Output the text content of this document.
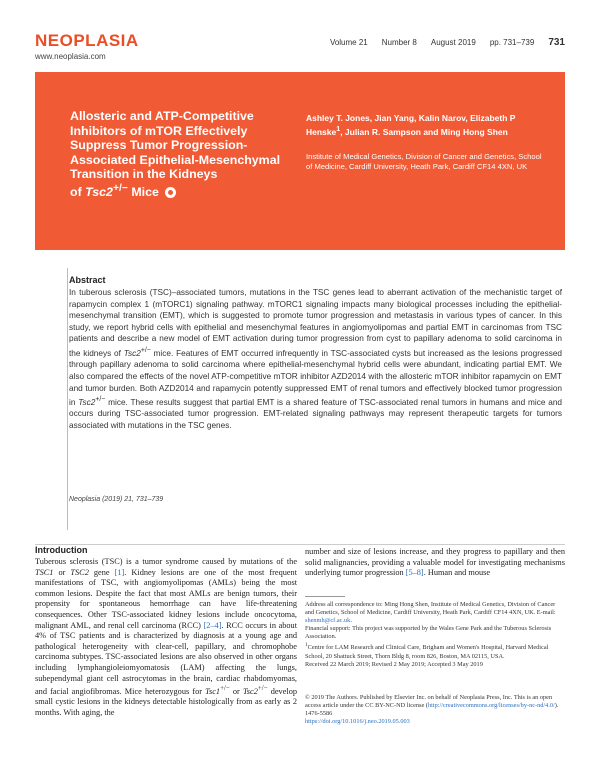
NEOPLASIA
www.neoplasia.com
Volume 21 Number 8 August 2019 pp. 731–739 731
Allosteric and ATP-Competitive
Inhibitors of mTOR Effectively
Suppress Tumor Progression-
Associated Epithelial-Mesenchymal
Transition in the Kidneys
of Tsc2+/− Mice
Ashley T. Jones, Jian Yang, Kalin Narov, Elizabeth P
Henske$^1$, Julian R. Sampson and Ming Hong Shen
Institute of Medical Genetics, Division of Cancer and Genetics, School of Medicine, Cardiff University, Heath Park, Cardiff CF14 4XN, UK
Abstract
In tuberous sclerosis (TSC)–associated tumors, mutations in the TSC genes lead to aberrant activation of the mechanistic target of rapamycin complex 1 (mTORC1) signaling pathway. mTORC1 signaling impacts many biological processes including the epithelial-mesenchymal transition (EMT), which is suggested to promote tumor progression and metastasis in various types of cancer. In this study, we report hybrid cells with epithelial and mesenchymal features in angiomyolipomas and partial EMT in carcinomas from TSC patients and describe a new model of EMT activation during tumor progression from cyst to papillary adenoma to solid carcinoma in the kidneys of Tsc2+/− mice. Features of EMT occurred infrequently in TSC-associated cysts but increased as the lesions progressed through papillary adenoma to solid carcinoma where epithelial-mesenchymal hybrid cells were abundant, indicating partial EMT. We also compared the effects of the novel ATP-competitive mTOR inhibitor AZD2014 with the allosteric mTOR inhibitor rapamycin on EMT and tumor burden. Both AZD2014 and rapamycin potently suppressed EMT of renal tumors and effectively blocked tumor progression in Tsc2+/− mice. These results suggest that partial EMT is a shared feature of TSC-associated renal tumors in humans and mice and occurs during TSC-associated tumor progression. EMT-related signaling pathways may represent therapeutic targets for tumors associated with mutations in the TSC genes.
Neoplasia (2019) 21, 731–739
Introduction
Tuberous sclerosis (TSC) is a tumor syndrome caused by mutations of the TSC1 or TSC2 gene [1]. Kidney lesions are one of the most frequent manifestations of TSC, with angiomyolipomas (AMLs) being the most common lesions. Despite the fact that most AMLs are benign tumors, their propensity for spontaneous hemorrhage can have life-threatening consequences. Other TSC-associated kidney lesions include oncocytoma, malignant AML, and renal cell carcinoma (RCC) [2–4]. RCC occurs in about 4% of TSC patients and is characterized by diagnosis at a young age and pathological heterogeneity with clear-cell, papillary, and chromophobe carcinoma subtypes. TSC-associated lesions are also observed in other organs including lymphangioleiomyomatosis (LAM) affecting the lungs, subependymal giant cell astrocytomas in the brain, cardiac rhabdomyomas, and facial angiofibromas. Mice heterozygous for Tsc1+/− or Tsc2+/− develop small cystic lesions in the kidneys detectable histologically from as early as 2 months. With aging, the
number and size of lesions increase, and they progress to papillary and then solid malignancies, providing a valuable model for investigating mechanisms underlying tumor progression [5–8]. Human and mouse

Address all correspondence to: Ming Hong Shen, Institute of Medical Genetics, Division of Cancer and Genetics, School of Medicine, Cardiff University, Heath Park, Cardiff CF14 4XN, UK. E-mail: shenmh@cf.ac.uk.

Financial support: This project was supported by the Wales Gene Park and the Tuberous Sclerosis Association.

$^1$Centre for LAM Research and Clinical Care, Brigham and Women's Hospital, Harvard Medical School, 20 Shattuck Street, Thorn Bldg 8, room 826, Boston, MA 02115, USA.

Received 22 March 2019; Revised 2 May 2019; Accepted 3 May 2019

© 2019 The Authors. Published by Elsevier Inc. on behalf of Neoplasia Press, Inc. This is an open access article under the CC BY-NC-ND license (http://creativecommons.org/licenses/by-nc-nd/4.0/).

1476-5586

https://doi.org/10.1016/j.neo.2019.05.003
